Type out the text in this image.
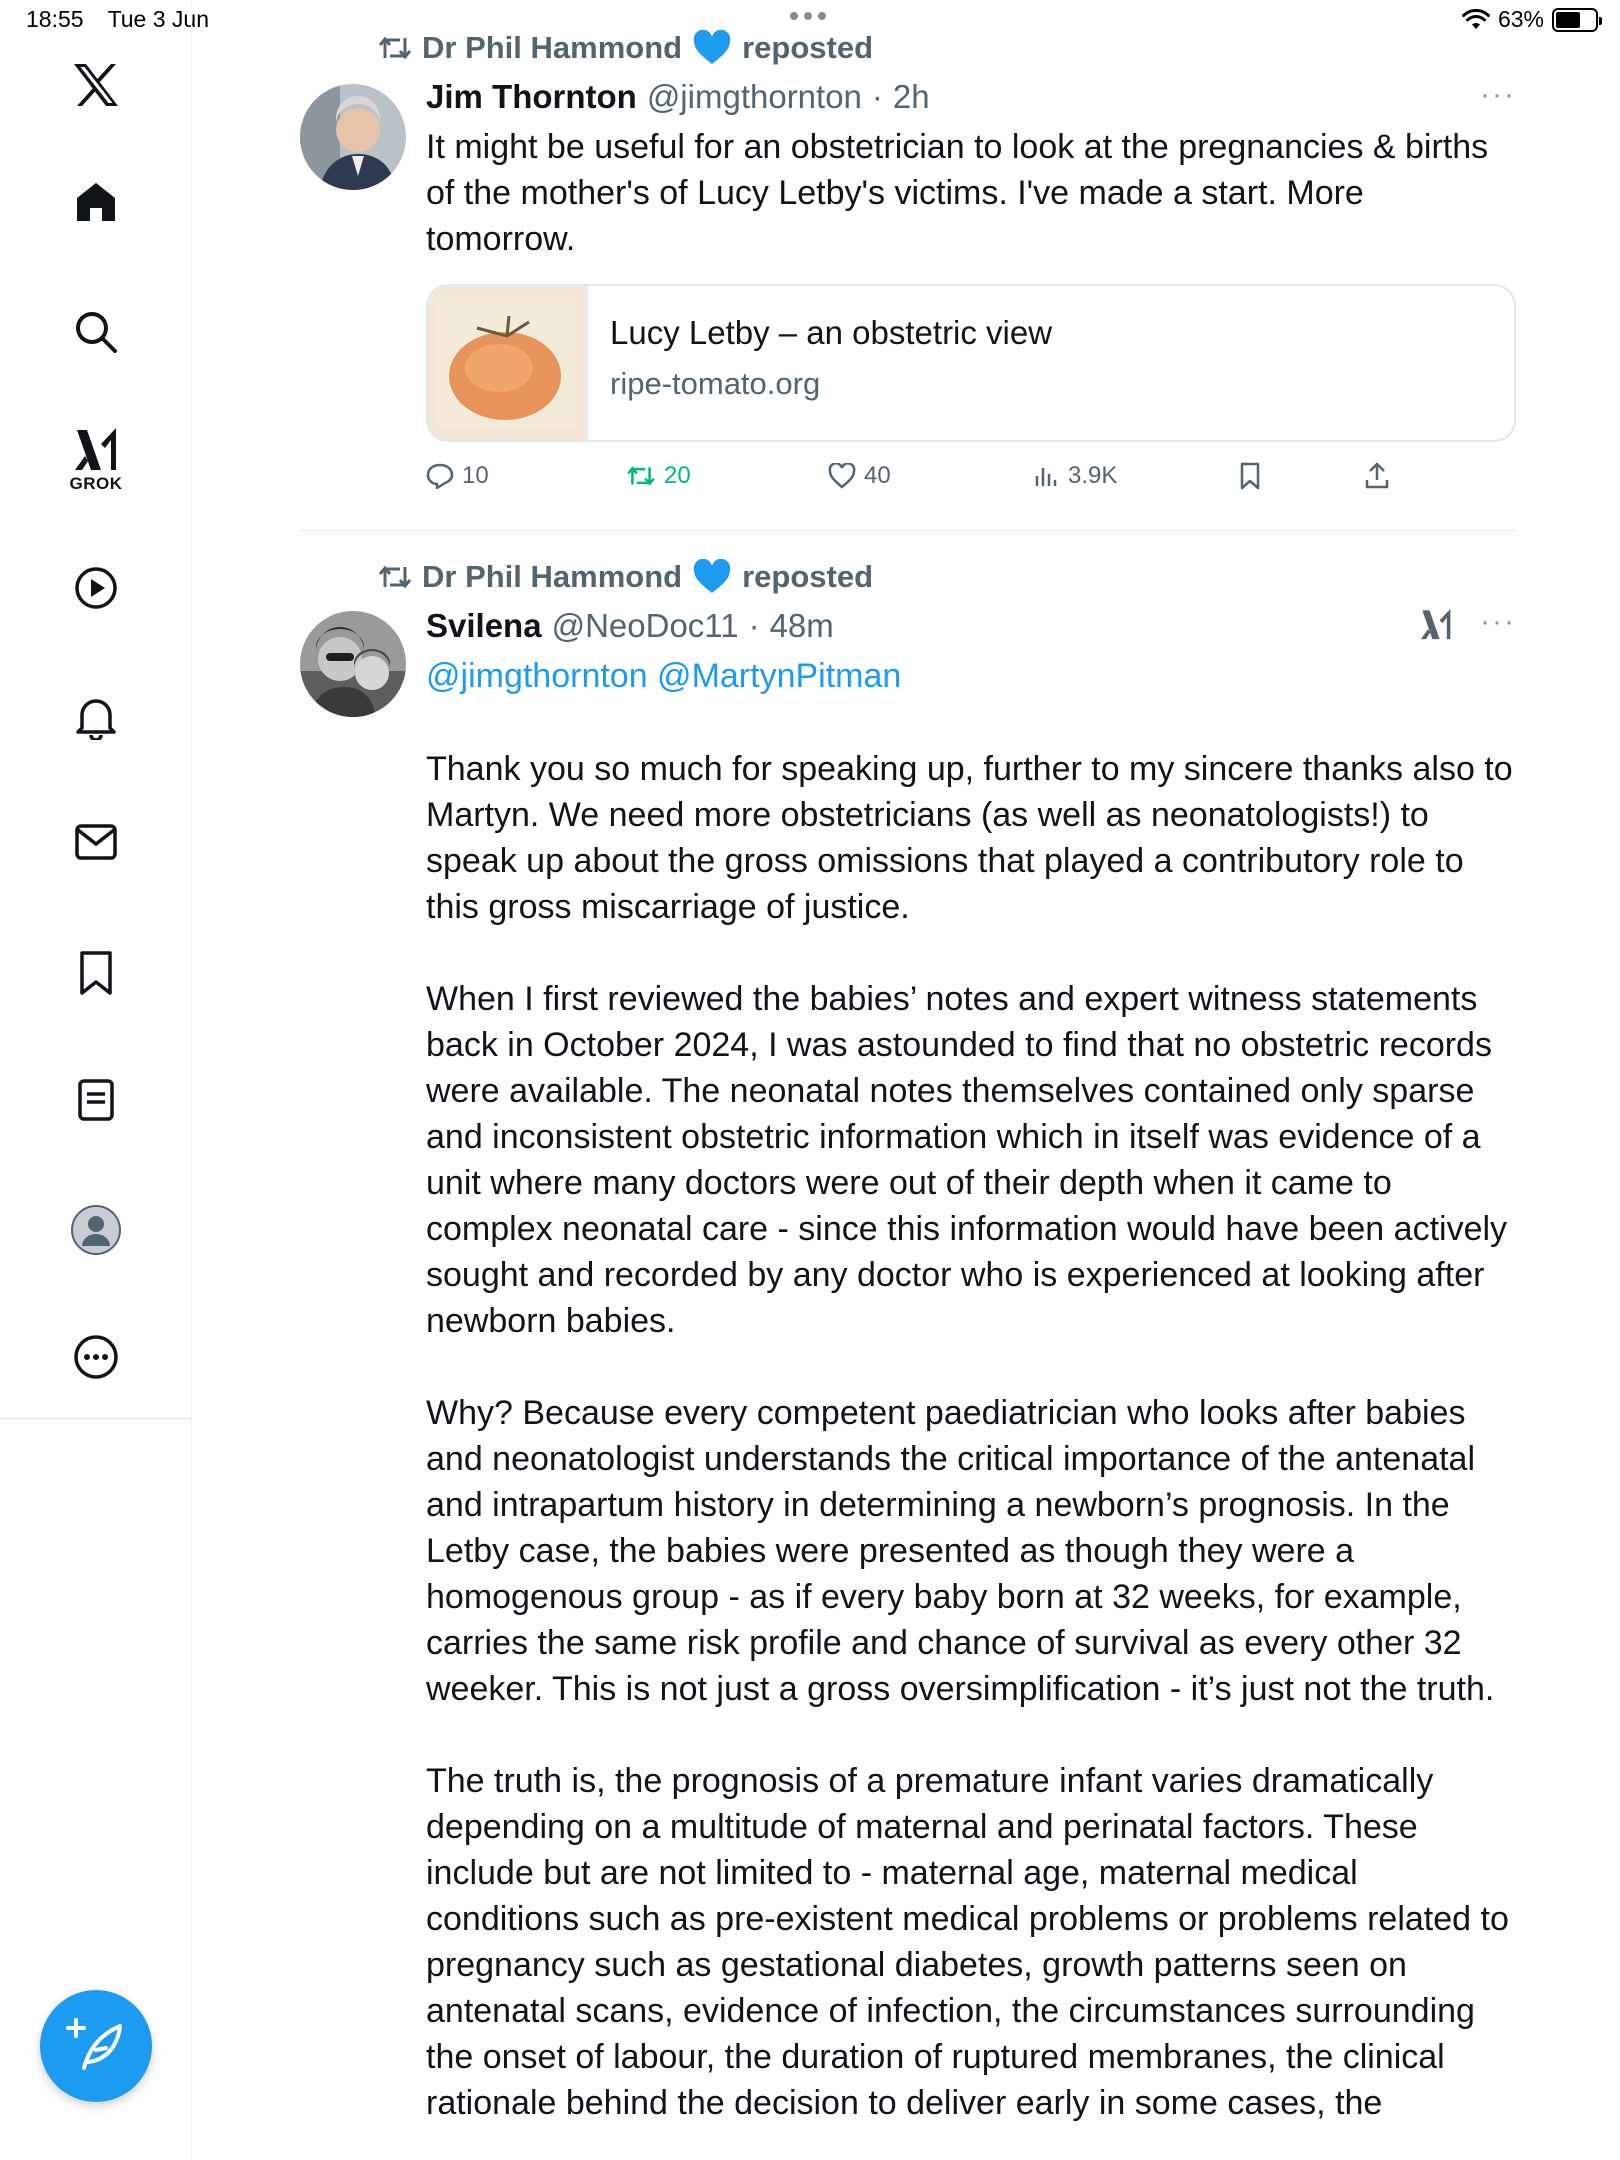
18:55 Tue 3 Jun	63%
GROK
Dr Phil Hammond reposted
Jim Thornton @jimgthornton · 2h	···
It might be useful for an obstetrician to look at the pregnancies & births of the mother's of Lucy Letby's victims. I've made a start. More tomorrow.
Lucy Letby – an obstetric view
ripe-tomato.org
10	20	40	3.9K
Dr Phil Hammond reposted
Svilena @NeoDoc11 · 48m	···
@jimgthornton @MartynPitman

Thank you so much for speaking up, further to my sincere thanks also to Martyn. We need more obstetricians (as well as neonatologists!) to speak up about the gross omissions that played a contributory role to this gross miscarriage of justice.

When I first reviewed the babies’ notes and expert witness statements back in October 2024, I was astounded to find that no obstetric records were available. The neonatal notes themselves contained only sparse and inconsistent obstetric information which in itself was evidence of a unit where many doctors were out of their depth when it came to complex neonatal care - since this information would have been actively sought and recorded by any doctor who is experienced at looking after newborn babies.

Why? Because every competent paediatrician who looks after babies and neonatologist understands the critical importance of the antenatal and intrapartum history in determining a newborn’s prognosis. In the Letby case, the babies were presented as though they were a homogenous group - as if every baby born at 32 weeks, for example, carries the same risk profile and chance of survival as every other 32 weeker. This is not just a gross oversimplification - it’s just not the truth.

The truth is, the prognosis of a premature infant varies dramatically depending on a multitude of maternal and perinatal factors. These include but are not limited to - maternal age, maternal medical conditions such as pre-existent medical problems or problems related to pregnancy such as gestational diabetes, growth patterns seen on antenatal scans, evidence of infection, the circumstances surrounding the onset of labour, the duration of ruptured membranes, the clinical rationale behind the decision to deliver early in some cases, the
